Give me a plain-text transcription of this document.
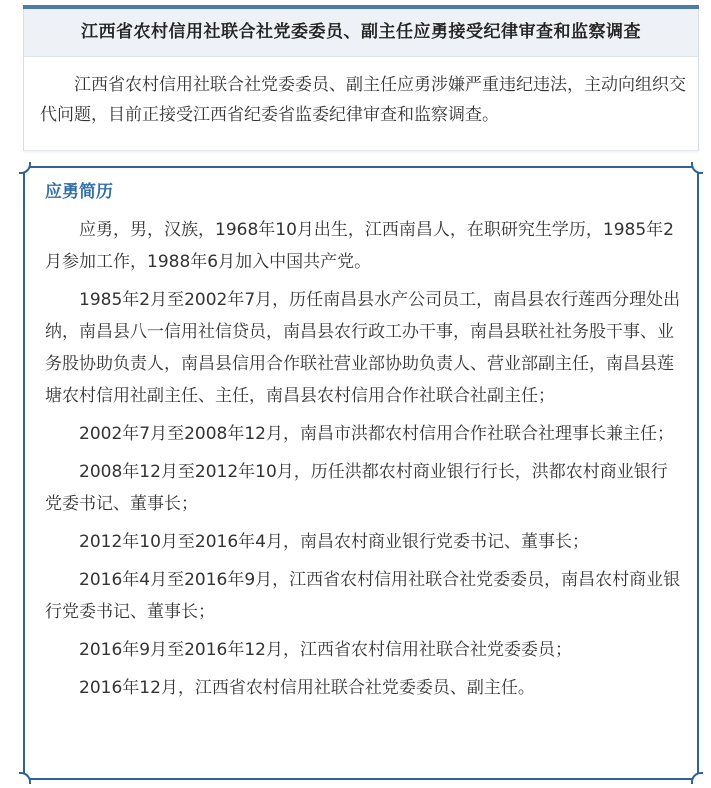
江西省农村信用社联合社党委委员、副主任应勇接受纪律审查和监察调查

江西省农村信用社联合社党委委员、副主任应勇涉嫌严重违纪违法，主动向组织交代问题，目前正接受江西省纪委省监委纪律审查和监察调查。

应勇简历

应勇，男，汉族，1968年10月出生，江西南昌人，在职研究生学历，1985年2月参加工作，1988年6月加入中国共产党。

1985年2月至2002年7月，历任南昌县水产公司员工，南昌县农行莲西分理处出纳，南昌县八一信用社信贷员，南昌县农行政工办干事，南昌县联社社务股干事、业务股协助负责人，南昌县信用合作联社营业部协助负责人、营业部副主任，南昌县莲塘农村信用社副主任、主任，南昌县农村信用合作社联合社副主任；

2002年7月至2008年12月，南昌市洪都农村信用合作社联合社理事长兼主任；

2008年12月至2012年10月，历任洪都农村商业银行行长，洪都农村商业银行党委书记、董事长；

2012年10月至2016年4月，南昌农村商业银行党委书记、董事长；

2016年4月至2016年9月，江西省农村信用社联合社党委委员，南昌农村商业银行党委书记、董事长；

2016年9月至2016年12月，江西省农村信用社联合社党委委员；

2016年12月，江西省农村信用社联合社党委委员、副主任。
